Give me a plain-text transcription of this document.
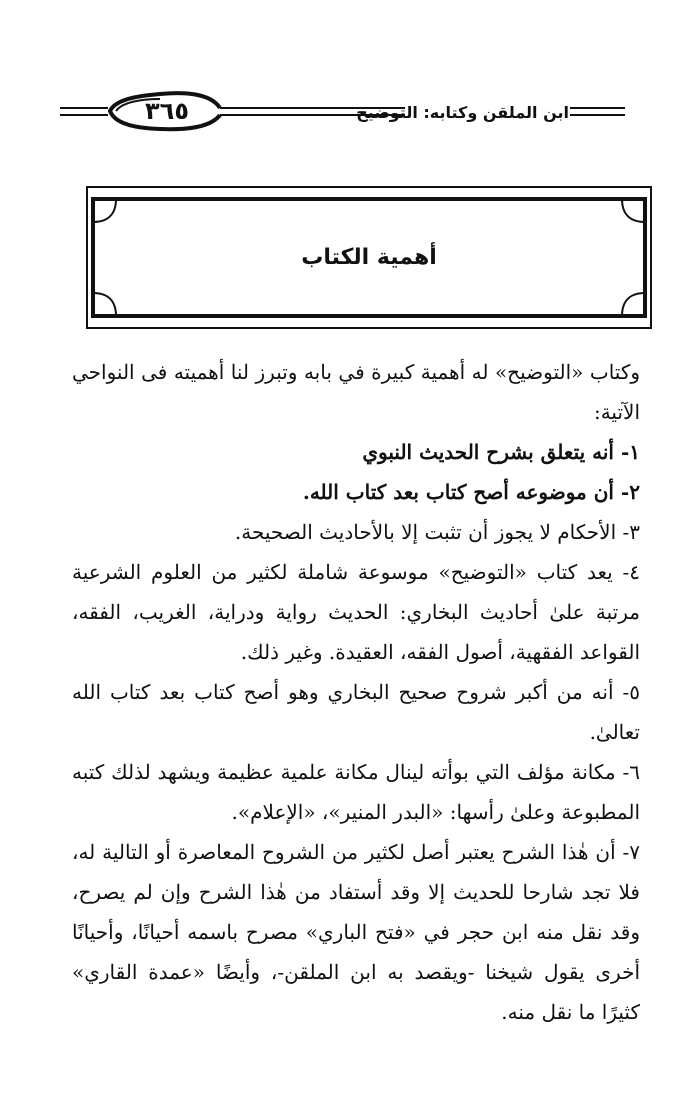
٣٦٥	ابن الملقن وكتابه: التوضيح
أهمية الكتاب

وكتاب «التوضيح» له أهمية كبيرة في بابه وتبرز لنا أهميته فى النواحي الآتية:

١- أنه يتعلق بشرح الحديث النبوي

٢- أن موضوعه أصح كتاب بعد كتاب الله.

٣- الأحكام لا يجوز أن تثبت إلا بالأحاديث الصحيحة.

٤- يعد كتاب «التوضيح» موسوعة شاملة لكثير من العلوم الشرعية مرتبة علىٰ أحاديث البخاري: الحديث رواية ودراية، الغريب، الفقه، القواعد الفقهية، أصول الفقه، العقيدة. وغير ذلك.

٥- أنه من أكبر شروح صحيح البخاري وهو أصح كتاب بعد كتاب الله تعالىٰ.

٦- مكانة مؤلف التي بوأته لينال مكانة علمية عظيمة ويشهد لذلك كتبه المطبوعة وعلىٰ رأسها: «البدر المنير»، «الإعلام».

٧- أن هٰذا الشرح يعتبر أصل لكثير من الشروح المعاصرة أو التالية له، فلا تجد شارحا للحديث إلا وقد أستفاد من هٰذا الشرح وإن لم يصرح، وقد نقل منه ابن حجر في «فتح الباري» مصرح باسمه أحيانًا، وأحيانًا أخرى يقول شيخنا -ويقصد به ابن الملقن-، وأيضًا «عمدة القاري» كثيرًا ما نقل منه.
